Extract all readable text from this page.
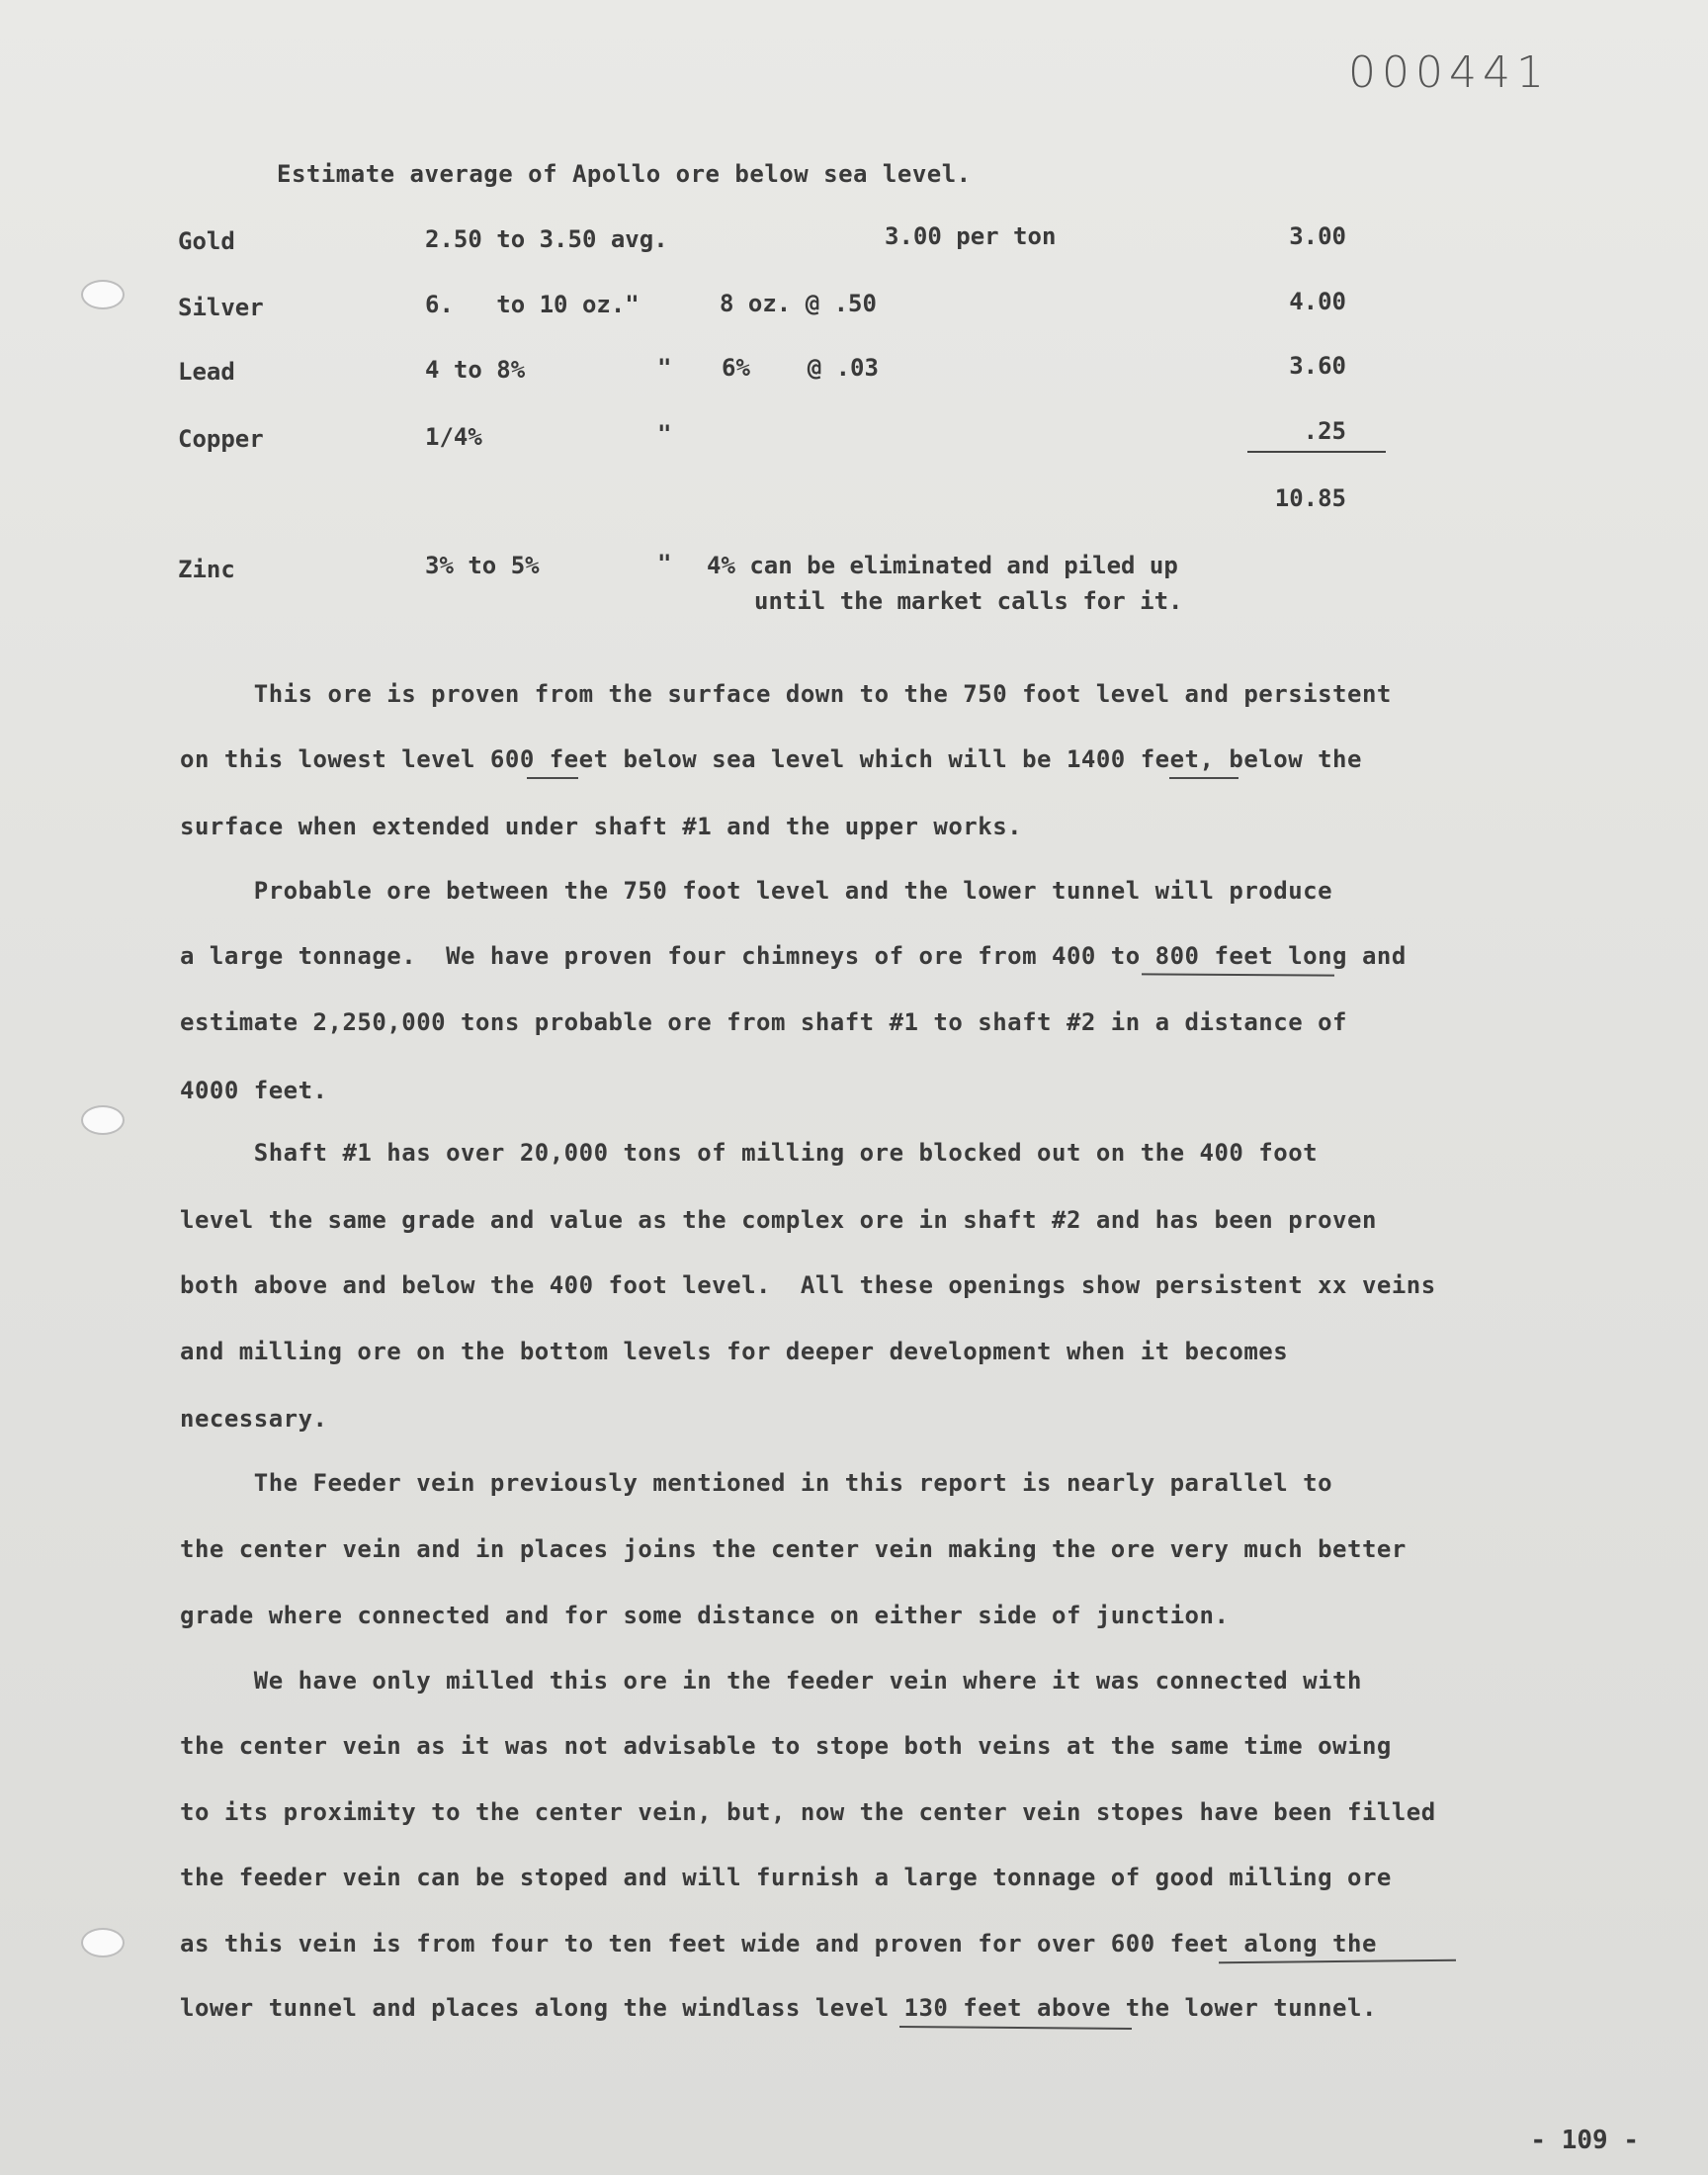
000441
Estimate average of Apollo ore below sea level.
Gold	2.50 to 3.50 avg.	3.00 per ton	3.00
Silver	6.   to 10 oz."	8 oz. @ .50	4.00
Lead	4 to 8%	" 6%    @ .03	3.60
Copper	1/4%	"	.25
10.85
Zinc	3% to 5%	" 4% can be eliminated and piled up
until the market calls for it.
This ore is proven from the surface down to the 750 foot level and persistent
on this lowest level 600 feet below sea level which will be 1400 feet, below the
surface when extended under shaft #1 and the upper works.
Probable ore between the 750 foot level and the lower tunnel will produce
a large tonnage.  We have proven four chimneys of ore from 400 to 800 feet long and
estimate 2,250,000 tons probable ore from shaft #1 to shaft #2 in a distance of
4000 feet.
Shaft #1 has over 20,000 tons of milling ore blocked out on the 400 foot
level the same grade and value as the complex ore in shaft #2 and has been proven
both above and below the 400 foot level.  All these openings show persistent xx veins
and milling ore on the bottom levels for deeper development when it becomes
necessary.
The Feeder vein previously mentioned in this report is nearly parallel to
the center vein and in places joins the center vein making the ore very much better
grade where connected and for some distance on either side of junction.
We have only milled this ore in the feeder vein where it was connected with
the center vein as it was not advisable to stope both veins at the same time owing
to its proximity to the center vein, but, now the center vein stopes have been filled
the feeder vein can be stoped and will furnish a large tonnage of good milling ore
as this vein is from four to ten feet wide and proven for over 600 feet along the
lower tunnel and places along the windlass level 130 feet above the lower tunnel.
- 109 -
